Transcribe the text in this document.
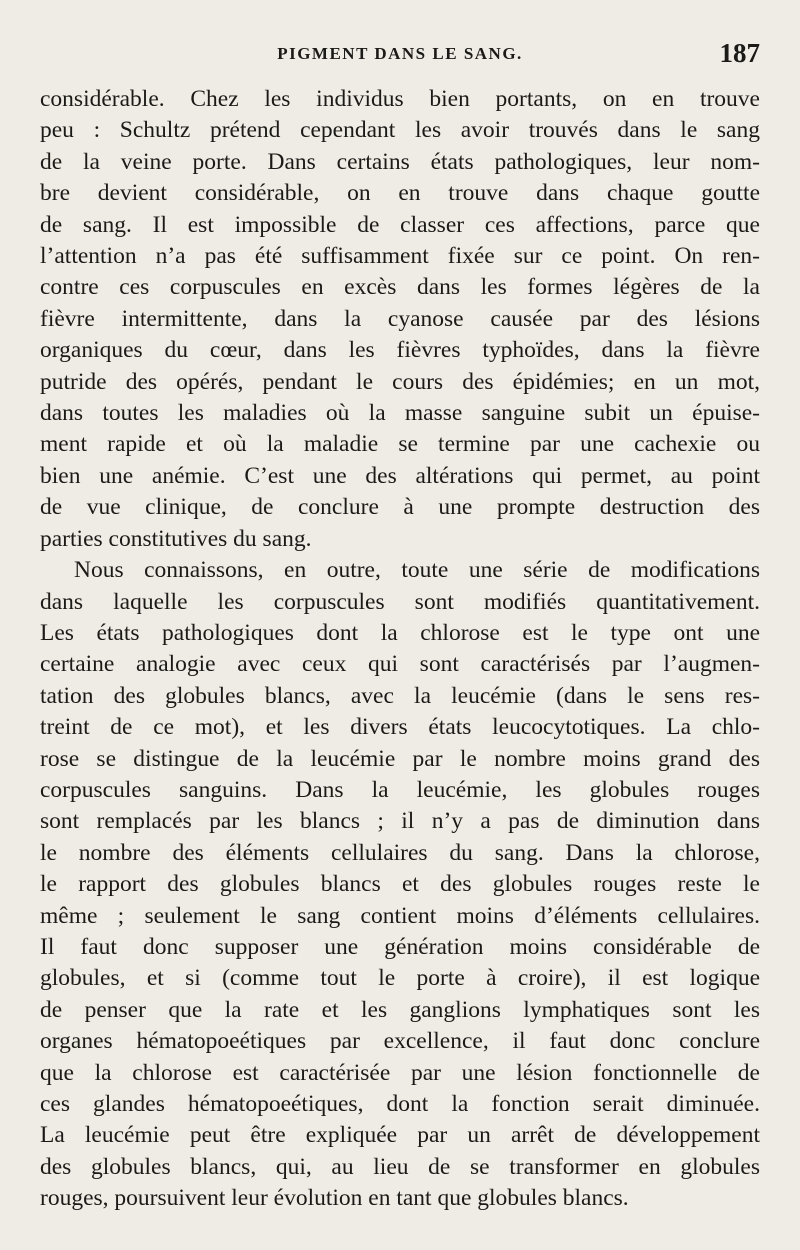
PIGMENT DANS LE SANG.	187
considérable. Chez les individus bien portants, on en trouve
peu : Schultz prétend cependant les avoir trouvés dans le sang
de la veine porte. Dans certains états pathologiques, leur nom-
bre devient considérable, on en trouve dans chaque goutte
de sang. Il est impossible de classer ces affections, parce que
l’attention n’a pas été suffisamment fixée sur ce point. On ren-
contre ces corpuscules en excès dans les formes légères de la
fièvre intermittente, dans la cyanose causée par des lésions
organiques du cœur, dans les fièvres typhoïdes, dans la fièvre
putride des opérés, pendant le cours des épidémies; en un mot,
dans toutes les maladies où la masse sanguine subit un épuise-
ment rapide et où la maladie se termine par une cachexie ou
bien une anémie. C’est une des altérations qui permet, au point
de vue clinique, de conclure à une prompte destruction des
parties constitutives du sang.
Nous connaissons, en outre, toute une série de modifications
dans laquelle les corpuscules sont modifiés quantitativement.
Les états pathologiques dont la chlorose est le type ont une
certaine analogie avec ceux qui sont caractérisés par l’augmen-
tation des globules blancs, avec la leucémie (dans le sens res-
treint de ce mot), et les divers états leucocytotiques. La chlo-
rose se distingue de la leucémie par le nombre moins grand des
corpuscules sanguins. Dans la leucémie, les globules rouges
sont remplacés par les blancs ; il n’y a pas de diminution dans
le nombre des éléments cellulaires du sang. Dans la chlorose,
le rapport des globules blancs et des globules rouges reste le
même ; seulement le sang contient moins d’éléments cellulaires.
Il faut donc supposer une génération moins considérable de
globules, et si (comme tout le porte à croire), il est logique
de penser que la rate et les ganglions lymphatiques sont les
organes hématopoeétiques par excellence, il faut donc conclure
que la chlorose est caractérisée par une lésion fonctionnelle de
ces glandes hématopoeétiques, dont la fonction serait diminuée.
La leucémie peut être expliquée par un arrêt de développement
des globules blancs, qui, au lieu de se transformer en globules
rouges, poursuivent leur évolution en tant que globules blancs.
